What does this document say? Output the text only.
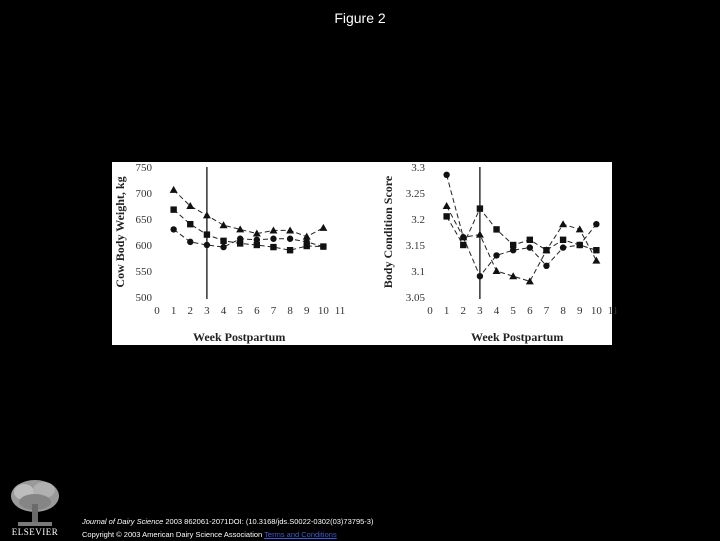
Figure 2
500
550
600
650
700
750
0 1 2 3 4 5 6 7 8 9 10 11
Week Postpartum
Cow Body Weight, kg
3.05
3.1
3.15
3.2
3.25
3.3
0 1 2 3 4 5 6 7 8 9 10 11
Week Postpartum
Body Condition Score
ELSEVIER
Journal of Dairy Science 2003 862061-2071DOI: (10.3168/jds.S0022-0302(03)73795-3)
Copyright © 2003 American Dairy Science Association Terms and Conditions
